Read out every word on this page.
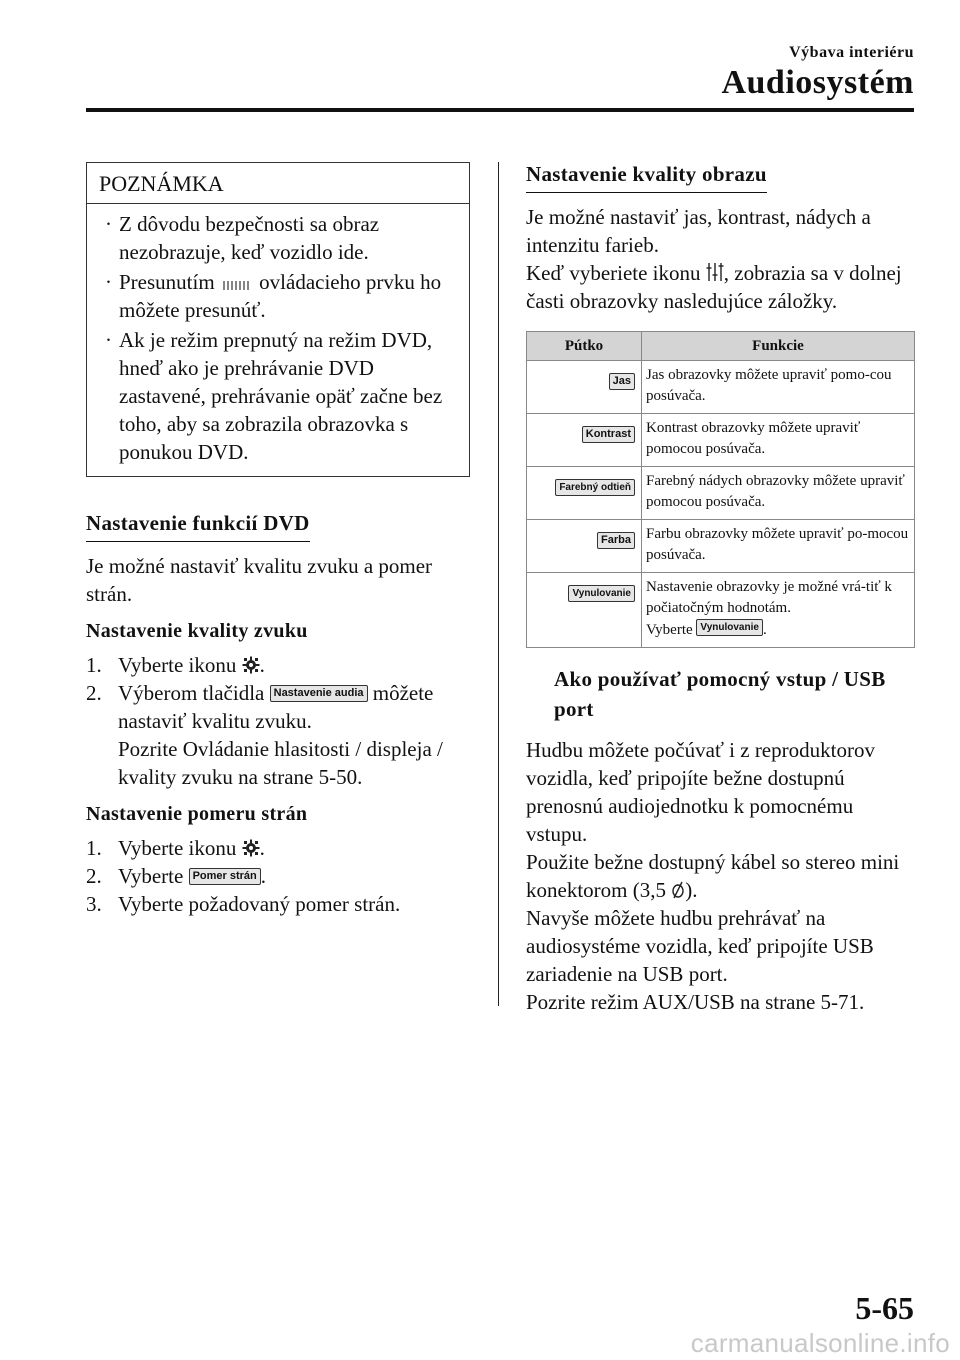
Výbava interiéru
Audiosystém
POZNÁMKA
· Z dôvodu bezpečnosti sa obraz nezobrazuje, keď vozidlo ide.
· Presunutím ovládacieho prvku ho môžete presunúť.
· Ak je režim prepnutý na režim DVD, hneď ako je prehrávanie DVD zastavené, prehrávanie opäť začne bez toho, aby sa zobrazila obrazovka s ponukou DVD.
Nastavenie funkcií DVD
Je možné nastaviť kvalitu zvuku a pomer strán.
Nastavenie kvality zvuku
1. Vyberte ikonu .
2. Výberom tlačidla Nastavenie audia môžete nastaviť kvalitu zvuku.
Pozrite Ovládanie hlasitosti / displeja / kvality zvuku na strane 5-50.
Nastavenie pomeru strán
1. Vyberte ikonu .
2. Vyberte Pomer strán .
3. Vyberte požadovaný pomer strán.
Nastavenie kvality obrazu
Je možné nastaviť jas, kontrast, nádych a intenzitu farieb.
Keď vyberiete ikonu , zobrazia sa v dolnej časti obrazovky nasledujúce záložky.
Pútko	Funkcie
Jas	Jas obrazovky môžete upraviť pomo-cou posúvača.
Kontrast	Kontrast obrazovky môžete upraviť pomocou posúvača.
Farebný odtieň	Farebný nádych obrazovky môžete upraviť pomocou posúvača.
Farba	Farbu obrazovky môžete upraviť po-mocou posúvača.
Vynulovanie	Nastavenie obrazovky je možné vrá-tiť k počiatočným hodnotám.
Vyberte Vynulovanie .
Ako používať pomocný vstup / USB port
Hudbu môžete počúvať i z reproduktorov vozidla, keď pripojíte bežne dostupnú prenosnú audiojednotku k pomocnému vstupu.
Použite bežne dostupný kábel so stereo mini konektorom (3,5 ).
Navyše môžete hudbu prehrávať na audiosystéme vozidla, keď pripojíte USB zariadenie na USB port.
Pozrite režim AUX/USB na strane 5-71.
5-65
carmanualsonline.info
